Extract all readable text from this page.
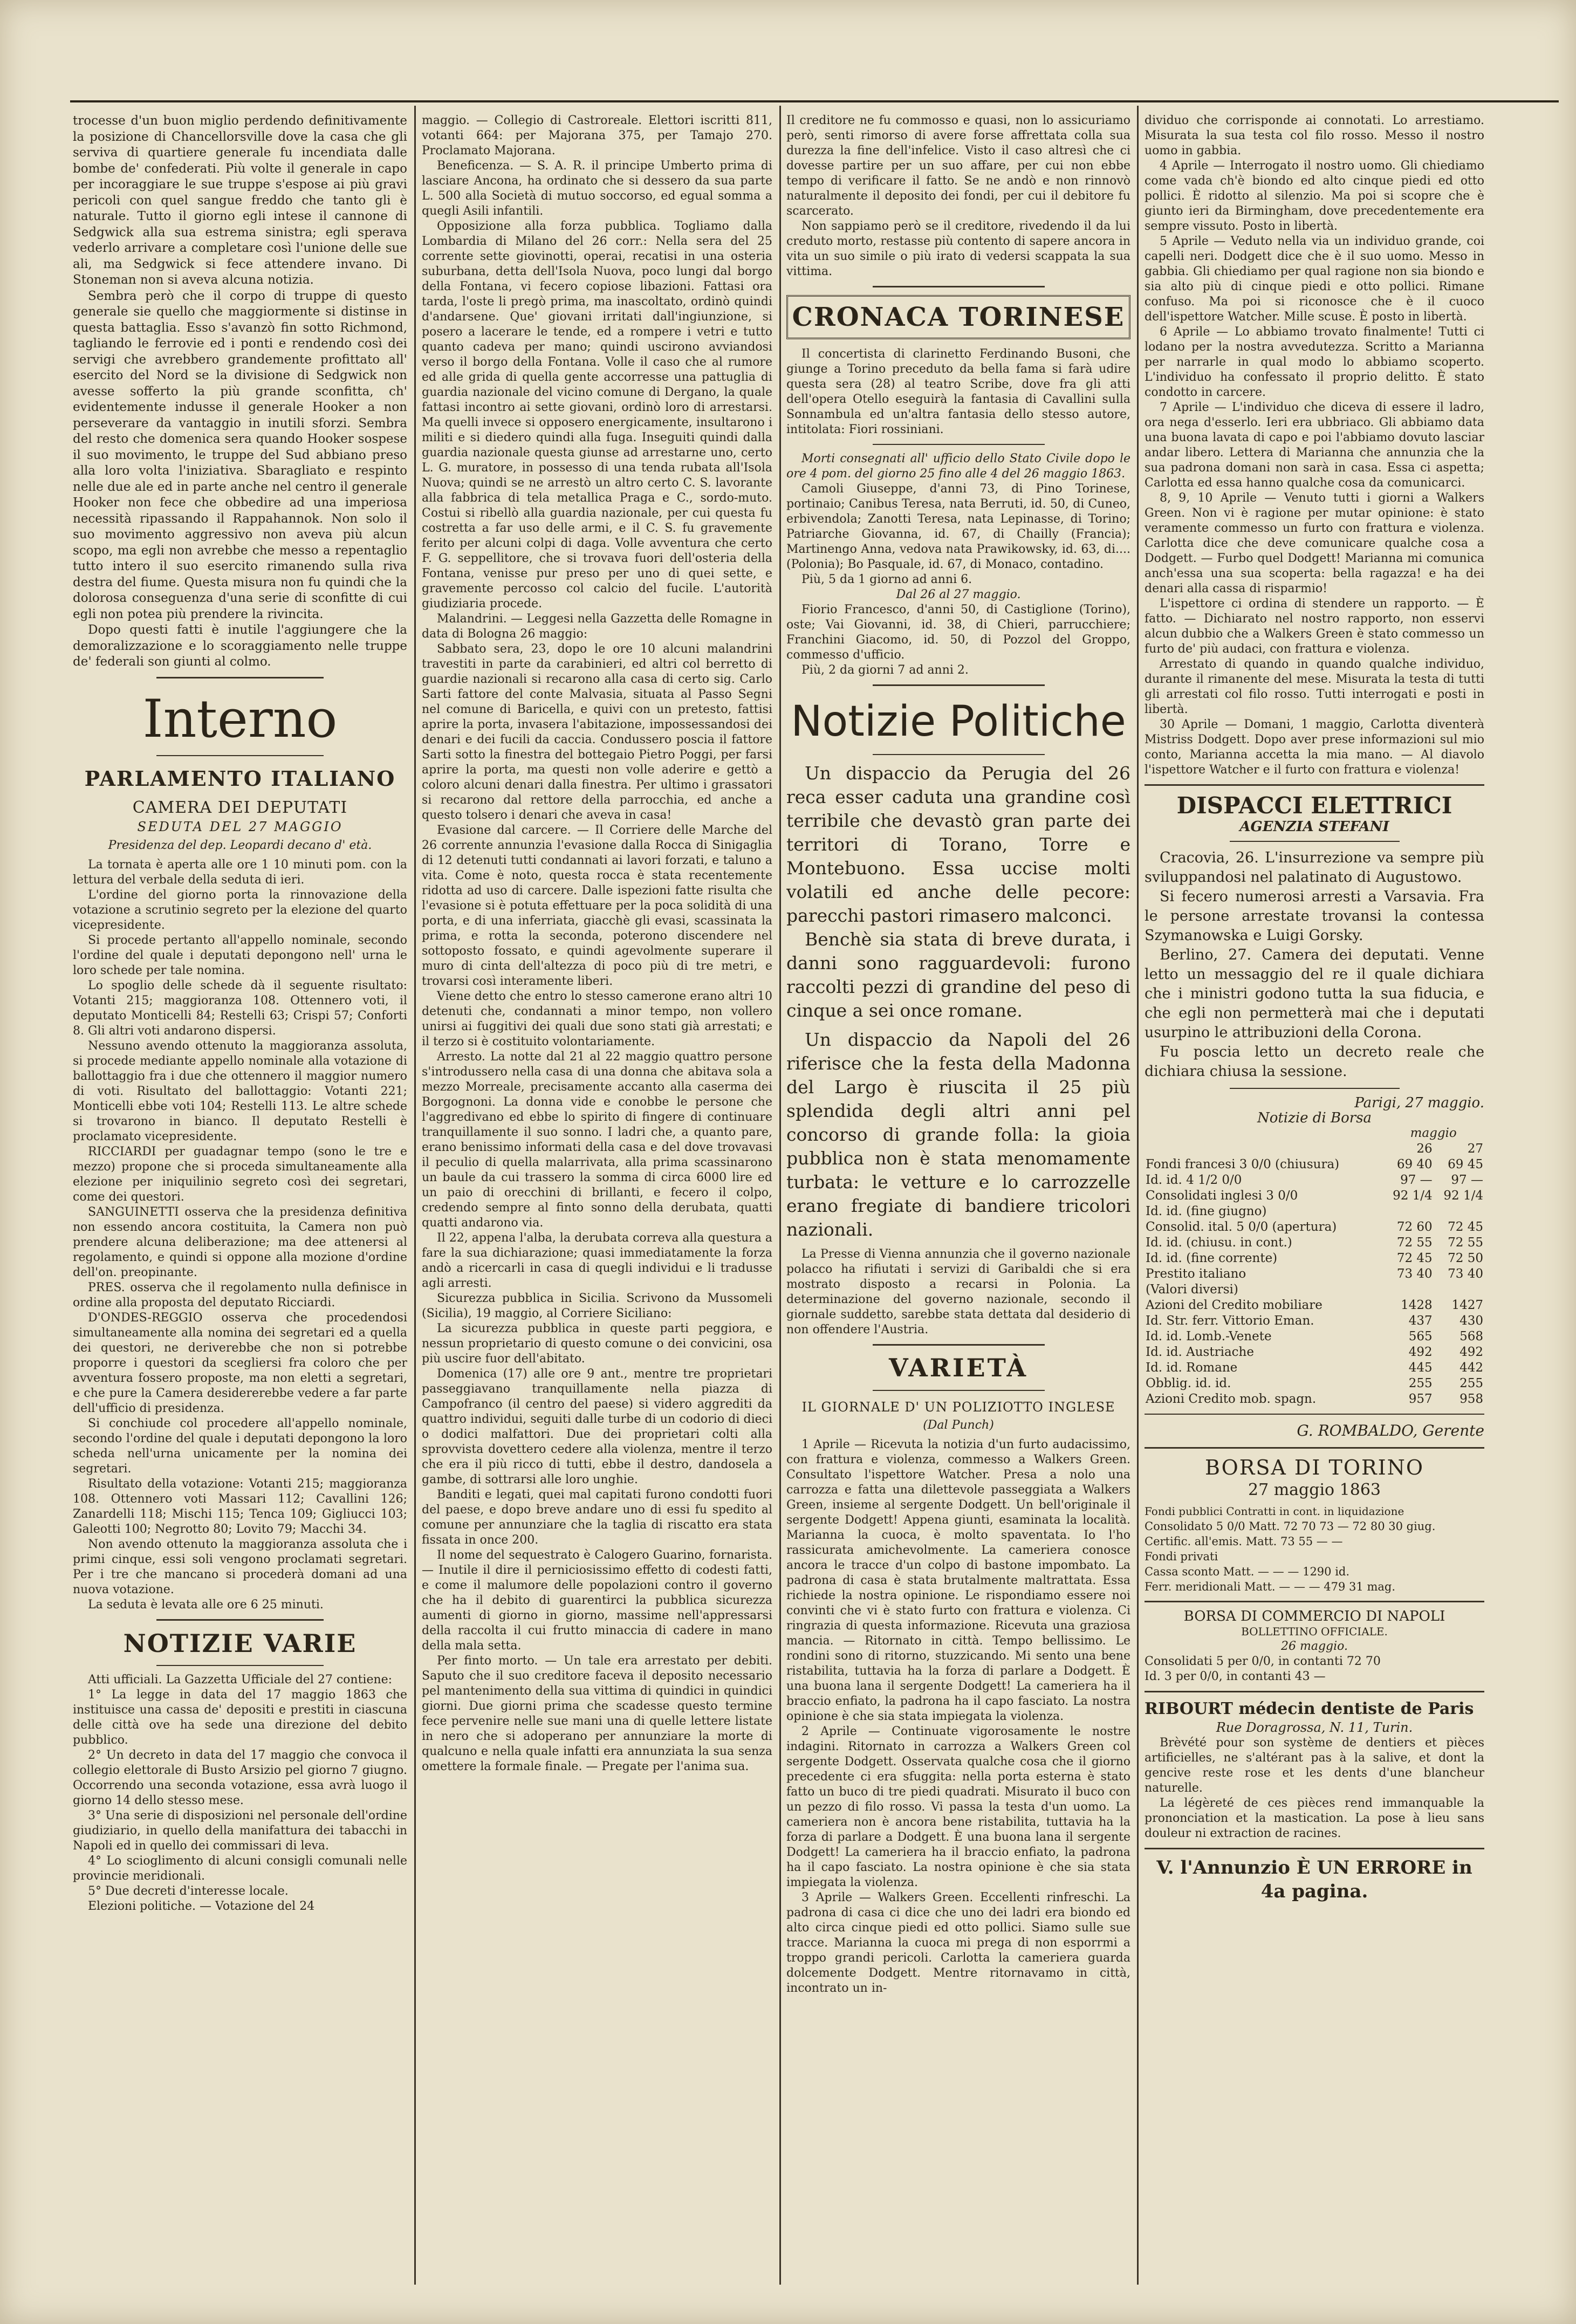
trocesse d'un buon miglio perdendo definitivamente la posizione di Chancellorsville dove la casa che gli serviva di quartiere generale fu incendiata dalle bombe de' confederati. Più volte il generale in capo per incoraggiare le sue truppe s'espose ai più gravi pericoli con quel sangue freddo che tanto gli è naturale. Tutto il giorno egli intese il cannone di Sedgwick alla sua estrema sinistra; egli sperava vederlo arrivare a completare così l'unione delle sue ali, ma Sedgwick si fece attendere invano. Di Stoneman non si aveva alcuna notizia.

Sembra però che il corpo di truppe di questo generale sie quello che maggiormente si distinse in questa battaglia. Esso s'avanzò fin sotto Richmond, tagliando le ferrovie ed i ponti e rendendo così dei servigi che avrebbero grandemente profittato all' esercito del Nord se la divisione di Sedgwick non avesse sofferto la più grande sconfitta, ch' evidentemente indusse il generale Hooker a non perseverare da vantaggio in inutili sforzi. Sembra del resto che domenica sera quando Hooker sospese il suo movimento, le truppe del Sud abbiano preso alla loro volta l'iniziativa. Sbaragliato e respinto nelle due ale ed in parte anche nel centro il generale Hooker non fece che obbedire ad una imperiosa necessità ripassando il Rappahannok. Non solo il suo movimento aggressivo non aveva più alcun scopo, ma egli non avrebbe che messo a repentaglio tutto intero il suo esercito rimanendo sulla riva destra del fiume. Questa misura non fu quindi che la dolorosa conseguenza d'una serie di sconfitte di cui egli non potea più prendere la rivincita.

Dopo questi fatti è inutile l'aggiungere che la demoralizzazione e lo scoraggiamento nelle truppe de' federali son giunti al colmo.

Interno
PARLAMENTO ITALIANO
CAMERA DEI DEPUTATI

SEDUTA DEL 27 MAGGIO

Presidenza del dep. Leopardi decano d' età.

La tornata è aperta alle ore 1 10 minuti pom. con la lettura del verbale della seduta di ieri.

L'ordine del giorno porta la rinnovazione della votazione a scrutinio segreto per la elezione del quarto vicepresidente.

Si procede pertanto all'appello nominale, secondo l'ordine del quale i deputati depongono nell' urna le loro schede per tale nomina.

Lo spoglio delle schede dà il seguente risultato: Votanti 215; maggioranza 108. Ottennero voti, il deputato Monticelli 84; Restelli 63; Crispi 57; Conforti 8. Gli altri voti andarono dispersi.

Nessuno avendo ottenuto la maggioranza assoluta, si procede mediante appello nominale alla votazione di ballottaggio fra i due che ottennero il maggior numero di voti. Risultato del ballottaggio: Votanti 221; Monticelli ebbe voti 104; Restelli 113. Le altre schede si trovarono in bianco. Il deputato Restelli è proclamato vicepresidente.

RICCIARDI per guadagnar tempo (sono le tre e mezzo) propone che si proceda simultaneamente alla elezione per iniquilinio segreto così dei segretari, come dei questori.

SANGUINETTI osserva che la presidenza definitiva non essendo ancora costituita, la Camera non può prendere alcuna deliberazione; ma dee attenersi al regolamento, e quindi si oppone alla mozione d'ordine dell'on. preopinante.

PRES. osserva che il regolamento nulla definisce in ordine alla proposta del deputato Ricciardi.

D'ONDES-REGGIO osserva che procedendosi simultaneamente alla nomina dei segretari ed a quella dei questori, ne deriverebbe che non si potrebbe proporre i questori da scegliersi fra coloro che per avventura fossero proposte, ma non eletti a segretari, e che pure la Camera desidererebbe vedere a far parte dell'ufficio di presidenza.

Si conchiude col procedere all'appello nominale, secondo l'ordine del quale i deputati depongono la loro scheda nell'urna unicamente per la nomina dei segretari.

Risultato della votazione: Votanti 215; maggioranza 108. Ottennero voti Massari 112; Cavallini 126; Zanardelli 118; Mischi 115; Tenca 109; Gigliucci 103; Galeotti 100; Negrotto 80; Lovito 79; Macchi 34.

Non avendo ottenuto la maggioranza assoluta che i primi cinque, essi soli vengono proclamati segretari. Per i tre che mancano si procederà domani ad una nuova votazione.

La seduta è levata alle ore 6 25 minuti.

NOTIZIE VARIE

Atti ufficiali. La Gazzetta Ufficiale del 27 contiene:

1° La legge in data del 17 maggio 1863 che instituisce una cassa de' depositi e prestiti in ciascuna delle città ove ha sede una direzione del debito pubblico.

2° Un decreto in data del 17 maggio che convoca il collegio elettorale di Busto Arsizio pel giorno 7 giugno. Occorrendo una seconda votazione, essa avrà luogo il giorno 14 dello stesso mese.

3° Una serie di disposizioni nel personale dell'ordine giudiziario, in quello della manifattura dei tabacchi in Napoli ed in quello dei commissari di leva.

4° Lo scioglimento di alcuni consigli comunali nelle provincie meridionali.

5° Due decreti d'interesse locale.

Elezioni politiche. — Votazione del 24

maggio. — Collegio di Castroreale. Elettori iscritti 811, votanti 664: per Majorana 375, per Tamajo 270. Proclamato Majorana.

Beneficenza. — S. A. R. il principe Umberto prima di lasciare Ancona, ha ordinato che si dessero da sua parte L. 500 alla Società di mutuo soccorso, ed egual somma a quegli Asili infantili.

Opposizione alla forza pubblica. Togliamo dalla Lombardia di Milano del 26 corr.: Nella sera del 25 corrente sette giovinotti, operai, recatisi in una osteria suburbana, detta dell'Isola Nuova, poco lungi dal borgo della Fontana, vi fecero copiose libazioni. Fattasi ora tarda, l'oste li pregò prima, ma inascoltato, ordinò quindi d'andarsene. Que' giovani irritati dall'ingiunzione, si posero a lacerare le tende, ed a rompere i vetri e tutto quanto cadeva per mano; quindi uscirono avviandosi verso il borgo della Fontana. Volle il caso che al rumore ed alle grida di quella gente accorresse una pattuglia di guardia nazionale del vicino comune di Dergano, la quale fattasi incontro ai sette giovani, ordinò loro di arrestarsi. Ma quelli invece si opposero energicamente, insultarono i militi e si diedero quindi alla fuga. Inseguiti quindi dalla guardia nazionale questa giunse ad arrestarne uno, certo L. G. muratore, in possesso di una tenda rubata all'Isola Nuova; quindi se ne arrestò un altro certo C. S. lavorante alla fabbrica di tela metallica Praga e C., sordo-muto. Costui si ribellò alla guardia nazionale, per cui questa fu costretta a far uso delle armi, e il C. S. fu gravemente ferito per alcuni colpi di daga. Volle avventura che certo F. G. seppellitore, che si trovava fuori dell'osteria della Fontana, venisse pur preso per uno di quei sette, e gravemente percosso col calcio del fucile. L'autorità giudiziaria procede.

Malandrini. — Leggesi nella Gazzetta delle Romagne in data di Bologna 26 maggio:

Sabbato sera, 23, dopo le ore 10 alcuni malandrini travestiti in parte da carabinieri, ed altri col berretto di guardie nazionali si recarono alla casa di certo sig. Carlo Sarti fattore del conte Malvasia, situata al Passo Segni nel comune di Baricella, e quivi con un pretesto, fattisi aprire la porta, invasera l'abitazione, impossessandosi dei denari e dei fucili da caccia. Condussero poscia il fattore Sarti sotto la finestra del bottegaio Pietro Poggi, per farsi aprire la porta, ma questi non volle aderire e gettò a coloro alcuni denari dalla finestra. Per ultimo i grassatori si recarono dal rettore della parrocchia, ed anche a questo tolsero i denari che aveva in casa!

Evasione dal carcere. — Il Corriere delle Marche del 26 corrente annunzia l'evasione dalla Rocca di Sinigaglia di 12 detenuti tutti condannati ai lavori forzati, e taluno a vita. Come è noto, questa rocca è stata recentemente ridotta ad uso di carcere. Dalle ispezioni fatte risulta che l'evasione si è potuta effettuare per la poca solidità di una porta, e di una inferriata, giacchè gli evasi, scassinata la prima, e rotta la seconda, poterono discendere nel sottoposto fossato, e quindi agevolmente superare il muro di cinta dell'altezza di poco più di tre metri, e trovarsi così interamente liberi.

Viene detto che entro lo stesso camerone erano altri 10 detenuti che, condannati a minor tempo, non vollero unirsi ai fuggitivi dei quali due sono stati già arrestati; e il terzo si è costituito volontariamente.

Arresto. La notte dal 21 al 22 maggio quattro persone s'introdussero nella casa di una donna che abitava sola a mezzo Morreale, precisamente accanto alla caserma dei Borgognoni. La donna vide e conobbe le persone che l'aggredivano ed ebbe lo spirito di fingere di continuare tranquillamente il suo sonno. I ladri che, a quanto pare, erano benissimo informati della casa e del dove trovavasi il peculio di quella malarrivata, alla prima scassinarono un baule da cui trassero la somma di circa 6000 lire ed un paio di orecchini di brillanti, e fecero il colpo, credendo sempre al finto sonno della derubata, quatti quatti andarono via.

Il 22, appena l'alba, la derubata correva alla questura a fare la sua dichiarazione; quasi immediatamente la forza andò a ricercarli in casa di quegli individui e li tradusse agli arresti.

Sicurezza pubblica in Sicilia. Scrivono da Mussomeli (Sicilia), 19 maggio, al Corriere Siciliano:

La sicurezza pubblica in queste parti peggiora, e nessun proprietario di questo comune o dei convicini, osa più uscire fuor dell'abitato.

Domenica (17) alle ore 9 ant., mentre tre proprietari passeggiavano tranquillamente nella piazza di Campofranco (il centro del paese) si videro aggrediti da quattro individui, seguiti dalle turbe di un codorio di dieci o dodici malfattori. Due dei proprietari colti alla sprovvista dovettero cedere alla violenza, mentre il terzo che era il più ricco di tutti, ebbe il destro, dandosela a gambe, di sottrarsi alle loro unghie.

Banditi e legati, quei mal capitati furono condotti fuori del paese, e dopo breve andare uno di essi fu spedito al comune per annunziare che la taglia di riscatto era stata fissata in once 200.

Il nome del sequestrato è Calogero Guarino, fornarista. — Inutile il dire il perniciosissimo effetto di codesti fatti, e come il malumore delle popolazioni contro il governo che ha il debito di guarentirci la pubblica sicurezza aumenti di giorno in giorno, massime nell'appressarsi della raccolta il cui frutto minaccia di cadere in mano della mala setta.

Per finto morto. — Un tale era arrestato per debiti. Saputo che il suo creditore faceva il deposito necessario pel mantenimento della sua vittima di quindici in quindici giorni. Due giorni prima che scadesse questo termine fece pervenire nelle sue mani una di quelle lettere listate in nero che si adoperano per annunziare la morte di qualcuno e nella quale infatti era annunziata la sua senza omettere la formale finale. — Pregate per l'anima sua.

Il creditore ne fu commosso e quasi, non lo assicuriamo però, senti rimorso di avere forse affrettata colla sua durezza la fine dell'infelice. Visto il caso altresì che ci dovesse partire per un suo affare, per cui non ebbe tempo di verificare il fatto. Se ne andò e non rinnovò naturalmente il deposito dei fondi, per cui il debitore fu scarcerato.

Non sappiamo però se il creditore, rivedendo il da lui creduto morto, restasse più contento di sapere ancora in vita un suo simile o più irato di vedersi scappata la sua vittima.

CRONACA TORINESE

Il concertista di clarinetto Ferdinando Busoni, che giunge a Torino preceduto da bella fama si farà udire questa sera (28) al teatro Scribe, dove fra gli atti dell'opera Otello eseguirà la fantasia di Cavallini sulla Sonnambula ed un'altra fantasia dello stesso autore, intitolata: Fiori rossiniani.

Morti consegnati all' ufficio dello Stato Civile dopo le ore 4 pom. del giorno 25 fino alle 4 del 26 maggio 1863.

Camoli Giuseppe, d'anni 73, di Pino Torinese, portinaio; Canibus Teresa, nata Berruti, id. 50, di Cuneo, erbivendola; Zanotti Teresa, nata Lepinasse, di Torino; Patriarche Giovanna, id. 67, di Chailly (Francia); Martinengo Anna, vedova nata Prawikowsky, id. 63, di.... (Polonia); Bo Pasquale, id. 67, di Monaco, contadino.

Più, 5 da 1 giorno ad anni 6.

Dal 26 al 27 maggio.

Fiorio Francesco, d'anni 50, di Castiglione (Torino), oste; Vai Giovanni, id. 38, di Chieri, parrucchiere; Franchini Giacomo, id. 50, di Pozzol del Groppo, commesso d'ufficio.

Più, 2 da giorni 7 ad anni 2.

Notizie Politiche

Un dispaccio da Perugia del 26 reca esser caduta una grandine così terribile che devastò gran parte dei territori di Torano, Torre e Montebuono. Essa uccise molti volatili ed anche delle pecore: parecchi pastori rimasero malconci.

Benchè sia stata di breve durata, i danni sono ragguardevoli: furono raccolti pezzi di grandine del peso di cinque a sei once romane.

Un dispaccio da Napoli del 26 riferisce che la festa della Madonna del Largo è riuscita il 25 più splendida degli altri anni pel concorso di grande folla: la gioia pubblica non è stata menomamente turbata: le vetture e lo carrozzelle erano fregiate di bandiere tricolori nazionali.

La Presse di Vienna annunzia che il governo nazionale polacco ha rifiutati i servizi di Garibaldi che si era mostrato disposto a recarsi in Polonia. La determinazione del governo nazionale, secondo il giornale suddetto, sarebbe stata dettata dal desiderio di non offendere l'Austria.

VARIETÀ
IL GIORNALE D' UN POLIZIOTTO INGLESE

(Dal Punch)

1 Aprile — Ricevuta la notizia d'un furto audacissimo, con frattura e violenza, commesso a Walkers Green. Consultato l'ispettore Watcher. Presa a nolo una carrozza e fatta una dilettevole passeggiata a Walkers Green, insieme al sergente Dodgett. Un bell'originale il sergente Dodgett! Appena giunti, esaminata la località. Marianna la cuoca, è molto spaventata. Io l'ho rassicurata amichevolmente. La cameriera conosce ancora le tracce d'un colpo di bastone impombato. La padrona di casa è stata brutalmente maltrattata. Essa richiede la nostra opinione. Le rispondiamo essere noi convinti che vi è stato furto con frattura e violenza. Ci ringrazia di questa informazione. Ricevuta una graziosa mancia. — Ritornato in città. Tempo bellissimo. Le rondini sono di ritorno, stuzzicando. Mi sento una bene ristabilita, tuttavia ha la forza di parlare a Dodgett. È una buona lana il sergente Dodgett! La cameriera ha il braccio enfiato, la padrona ha il capo fasciato. La nostra opinione è che sia stata impiegata la violenza.

2 Aprile — Continuate vigorosamente le nostre indagini. Ritornato in carrozza a Walkers Green col sergente Dodgett. Osservata qualche cosa che il giorno precedente ci era sfuggita: nella porta esterna è stato fatto un buco di tre piedi quadrati. Misurato il buco con un pezzo di filo rosso. Vi passa la testa d'un uomo. La cameriera non è ancora bene ristabilita, tuttavia ha la forza di parlare a Dodgett. È una buona lana il sergente Dodgett! La cameriera ha il braccio enfiato, la padrona ha il capo fasciato. La nostra opinione è che sia stata impiegata la violenza.

3 Aprile — Walkers Green. Eccellenti rinfreschi. La padrona di casa ci dice che uno dei ladri era biondo ed alto circa cinque piedi ed otto pollici. Siamo sulle sue tracce. Marianna la cuoca mi prega di non esporrmi a troppo grandi pericoli. Carlotta la cameriera guarda dolcemente Dodgett. Mentre ritornavamo in città, incontrato un in-

dividuo che corrisponde ai connotati. Lo arrestiamo. Misurata la sua testa col filo rosso. Messo il nostro uomo in gabbia.

4 Aprile — Interrogato il nostro uomo. Gli chiediamo come vada ch'è biondo ed alto cinque piedi ed otto pollici. È ridotto al silenzio. Ma poi si scopre che è giunto ieri da Birmingham, dove precedentemente era sempre vissuto. Posto in libertà.

5 Aprile — Veduto nella via un individuo grande, coi capelli neri. Dodgett dice che è il suo uomo. Messo in gabbia. Gli chiediamo per qual ragione non sia biondo e sia alto più di cinque piedi e otto pollici. Rimane confuso. Ma poi si riconosce che è il cuoco dell'ispettore Watcher. Mille scuse. È posto in libertà.

6 Aprile — Lo abbiamo trovato finalmente! Tutti ci lodano per la nostra avvedutezza. Scritto a Marianna per narrarle in qual modo lo abbiamo scoperto. L'individuo ha confessato il proprio delitto. È stato condotto in carcere.

7 Aprile — L'individuo che diceva di essere il ladro, ora nega d'esserlo. Ieri era ubbriaco. Gli abbiamo data una buona lavata di capo e poi l'abbiamo dovuto lasciar andar libero. Lettera di Marianna che annunzia che la sua padrona domani non sarà in casa. Essa ci aspetta; Carlotta ed essa hanno qualche cosa da comunicarci.

8, 9, 10 Aprile — Venuto tutti i giorni a Walkers Green. Non vi è ragione per mutar opinione: è stato veramente commesso un furto con frattura e violenza. Carlotta dice che deve comunicare qualche cosa a Dodgett. — Furbo quel Dodgett! Marianna mi comunica anch'essa una sua scoperta: bella ragazza! e ha dei denari alla cassa di risparmio!

L'ispettore ci ordina di stendere un rapporto. — È fatto. — Dichiarato nel nostro rapporto, non esservi alcun dubbio che a Walkers Green è stato commesso un furto de' più audaci, con frattura e violenza.

Arrestato di quando in quando qualche individuo, durante il rimanente del mese. Misurata la testa di tutti gli arrestati col filo rosso. Tutti interrogati e posti in libertà.

30 Aprile — Domani, 1 maggio, Carlotta diventerà Mistriss Dodgett. Dopo aver prese informazioni sul mio conto, Marianna accetta la mia mano. — Al diavolo l'ispettore Watcher e il furto con frattura e violenza!

DISPACCI ELETTRICI

AGENZIA STEFANI

Cracovia, 26. L'insurrezione va sempre più sviluppandosi nel palatinato di Augustowo.

Si fecero numerosi arresti a Varsavia. Fra le persone arrestate trovansi la contessa Szymanowska e Luigi Gorsky.

Berlino, 27. Camera dei deputati. Venne letto un messaggio del re il quale dichiara che i ministri godono tutta la sua fiducia, e che egli non permetterà mai che i deputati usurpino le attribuzioni della Corona.

Fu poscia letto un decreto reale che dichiara chiusa la sessione.

Parigi, 27 maggio.

Notizie di Borsa

	maggio	
	26	27
Fondi francesi 3 0/0 (chiusura)	69 40	69 45
Id. id. 4 1/2 0/0	97 —	97 —
Consolidati inglesi 3 0/0	92 1/4	92 1/4
Id. id. (fine giugno)		
Consolid. ital. 5 0/0 (apertura)	72 60	72 45
Id. id. (chiusu. in cont.)	72 55	72 55
Id. id. (fine corrente)	72 45	72 50
Prestito italiano	73 40	73 40
(Valori diversi)		
Azioni del Credito mobiliare	1428	1427
Id. Str. ferr. Vittorio Eman.	437	430
Id. id. Lomb.-Venete	565	568
Id. id. Austriache	492	492
Id. id. Romane	445	442
Obblig. id. id.	255	255
Azioni Credito mob. spagn.	957	958

G. ROMBALDO, Gerente

BORSA DI TORINO
27 maggio 1863

Fondi pubblici Contratti in cont. in liquidazione

Consolidato 5 0/0 Matt. 72 70 73 — 72 80 30 giug.

Certific. all'emis. Matt. 73 55 — —

Fondi privati

Cassa sconto Matt. — — — 1290 id.

Ferr. meridionali Matt. — — — 479 31 mag.

BORSA DI COMMERCIO DI NAPOLI

BOLLETTINO OFFICIALE.

26 maggio.

Consolidati 5 per 0/0, in contanti 72 70

Id. 3 per 0/0, in contanti 43 —

RIBOURT médecin dentiste de Paris

Rue Doragrossa, N. 11, Turin.

Brèvété pour son système de dentiers et pièces artificielles, ne s'altérant pas à la salive, et dont la gencive reste rose et les dents d'une blancheur naturelle.

La légèreté de ces pièces rend immanquable la prononciation et la mastication. La pose à lieu sans douleur ni extraction de racines.

V. l'Annunzio È UN ERRORE in 4a pagina.
